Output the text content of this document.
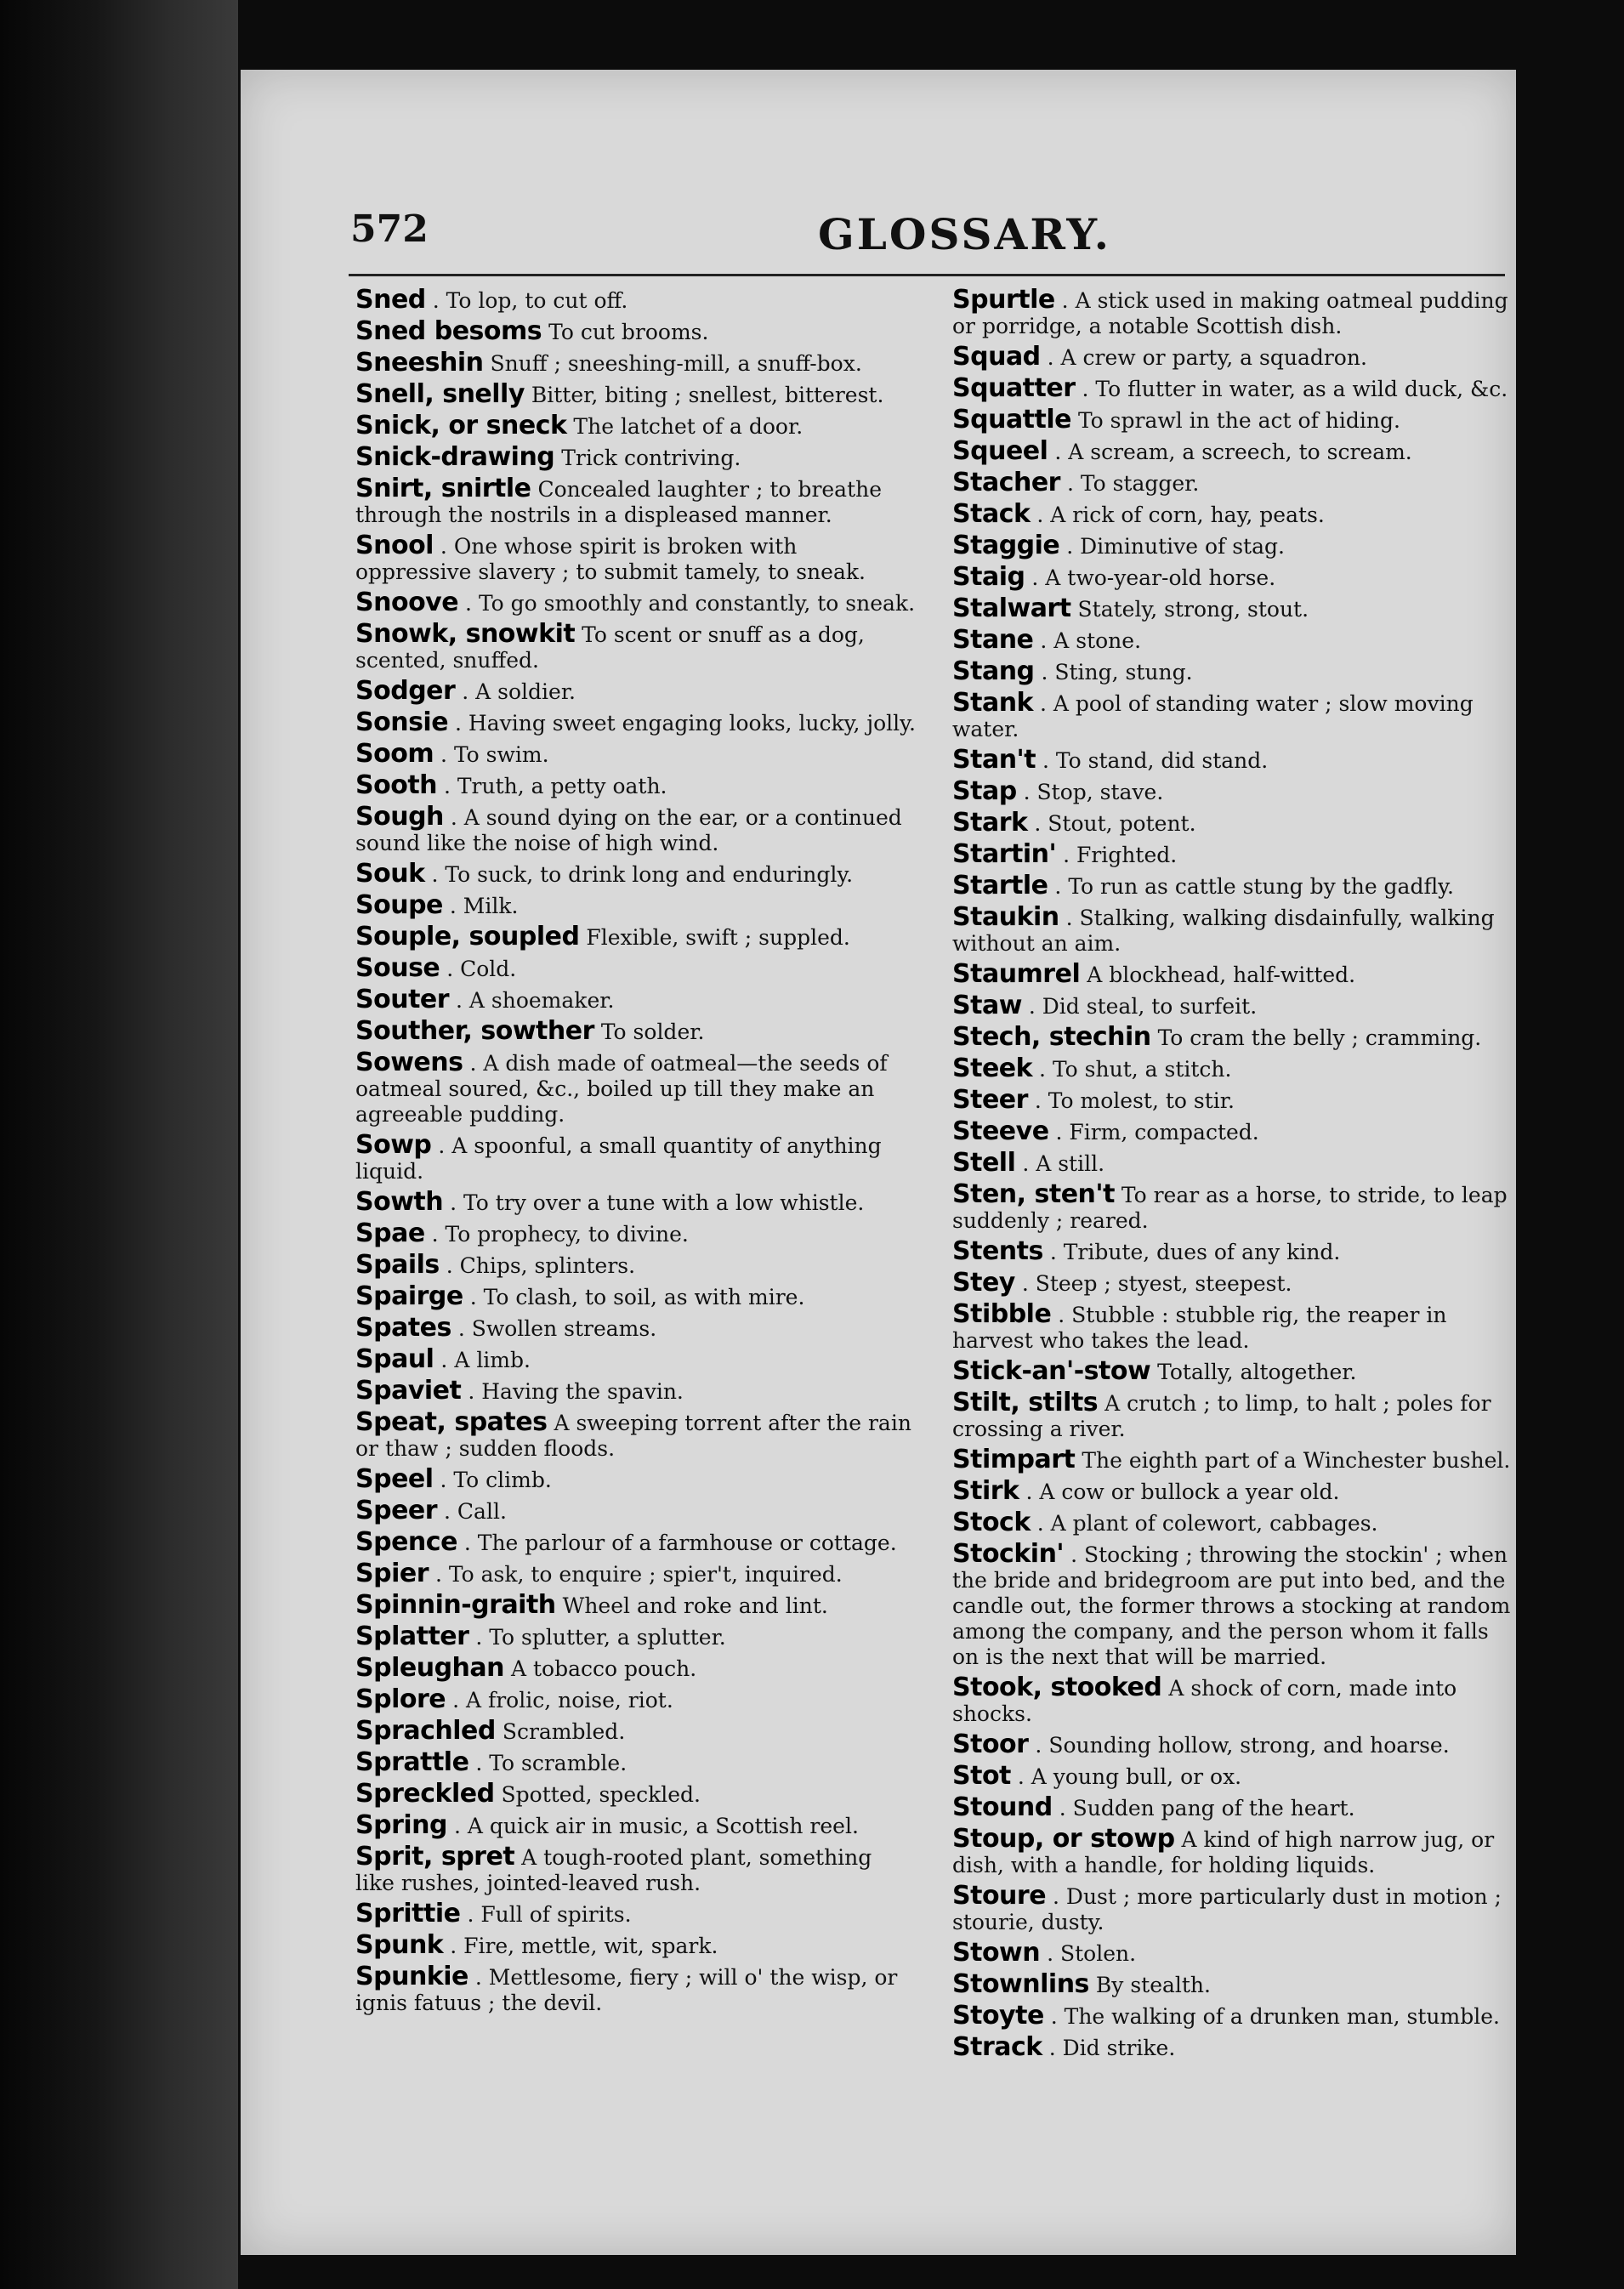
572	GLOSSARY.
Sned . To lop, to cut off.
Sned besoms To cut brooms.
Sneeshin Snuff ; sneeshing-mill, a snuff-box.
Snell, snelly Bitter, biting ; snellest, bitterest.
Snick, or sneck The latchet of a door.
Snick-drawing Trick contriving.
Snirt, snirtle Concealed laughter ; to breathe through the nostrils in a displeased manner.
Snool . One whose spirit is broken with oppressive slavery ; to submit tamely, to sneak.
Snoove . To go smoothly and constantly, to sneak.
Snowk, snowkit To scent or snuff as a dog, scented, snuffed.
Sodger . A soldier.
Sonsie . Having sweet engaging looks, lucky, jolly.
Soom . To swim.
Sooth . Truth, a petty oath.
Sough . A sound dying on the ear, or a continued sound like the noise of high wind.
Souk . To suck, to drink long and enduringly.
Soupe . Milk.
Souple, soupled Flexible, swift ; suppled.
Souse . Cold.
Souter . A shoemaker.
Souther, sowther To solder.
Sowens . A dish made of oatmeal—the seeds of oatmeal soured, &c., boiled up till they make an agreeable pudding.
Sowp . A spoonful, a small quantity of anything liquid.
Sowth . To try over a tune with a low whistle.
Spae . To prophecy, to divine.
Spails . Chips, splinters.
Spairge . To clash, to soil, as with mire.
Spates . Swollen streams.
Spaul . A limb.
Spaviet . Having the spavin.
Speat, spates A sweeping torrent after the rain or thaw ; sudden floods.
Speel . To climb.
Speer . Call.
Spence . The parlour of a farmhouse or cottage.
Spier . To ask, to enquire ; spier't, inquired.
Spinnin-graith Wheel and roke and lint.
Splatter . To splutter, a splutter.
Spleughan A tobacco pouch.
Splore . A frolic, noise, riot.
Sprachled Scrambled.
Sprattle . To scramble.
Spreckled Spotted, speckled.
Spring . A quick air in music, a Scottish reel.
Sprit, spret A tough-rooted plant, something like rushes, jointed-leaved rush.
Sprittie . Full of spirits.
Spunk . Fire, mettle, wit, spark.
Spunkie . Mettlesome, fiery ; will o' the wisp, or ignis fatuus ; the devil.
Spurtle . A stick used in making oatmeal pudding or porridge, a notable Scottish dish.
Squad . A crew or party, a squadron.
Squatter . To flutter in water, as a wild duck, &c.
Squattle To sprawl in the act of hiding.
Squeel . A scream, a screech, to scream.
Stacher . To stagger.
Stack . A rick of corn, hay, peats.
Staggie . Diminutive of stag.
Staig . A two-year-old horse.
Stalwart Stately, strong, stout.
Stane . A stone.
Stang . Sting, stung.
Stank . A pool of standing water ; slow moving water.
Stan't . To stand, did stand.
Stap . Stop, stave.
Stark . Stout, potent.
Startin' . Frighted.
Startle . To run as cattle stung by the gadfly.
Staukin . Stalking, walking disdainfully, walking without an aim.
Staumrel A blockhead, half-witted.
Staw . Did steal, to surfeit.
Stech, stechin To cram the belly ; cramming.
Steek . To shut, a stitch.
Steer . To molest, to stir.
Steeve . Firm, compacted.
Stell . A still.
Sten, sten't To rear as a horse, to stride, to leap suddenly ; reared.
Stents . Tribute, dues of any kind.
Stey . Steep ; styest, steepest.
Stibble . Stubble : stubble rig, the reaper in harvest who takes the lead.
Stick-an'-stow Totally, altogether.
Stilt, stilts A crutch ; to limp, to halt ; poles for crossing a river.
Stimpart The eighth part of a Winchester bushel.
Stirk . A cow or bullock a year old.
Stock . A plant of colewort, cabbages.
Stockin' . Stocking ; throwing the stockin' ; when the bride and bridegroom are put into bed, and the candle out, the former throws a stocking at random among the company, and the person whom it falls on is the next that will be married.
Stook, stooked A shock of corn, made into shocks.
Stoor . Sounding hollow, strong, and hoarse.
Stot . A young bull, or ox.
Stound . Sudden pang of the heart.
Stoup, or stowp A kind of high narrow jug, or dish, with a handle, for holding liquids.
Stoure . Dust ; more particularly dust in motion ; stourie, dusty.
Stown . Stolen.
Stownlins By stealth.
Stoyte . The walking of a drunken man, stumble.
Strack . Did strike.
